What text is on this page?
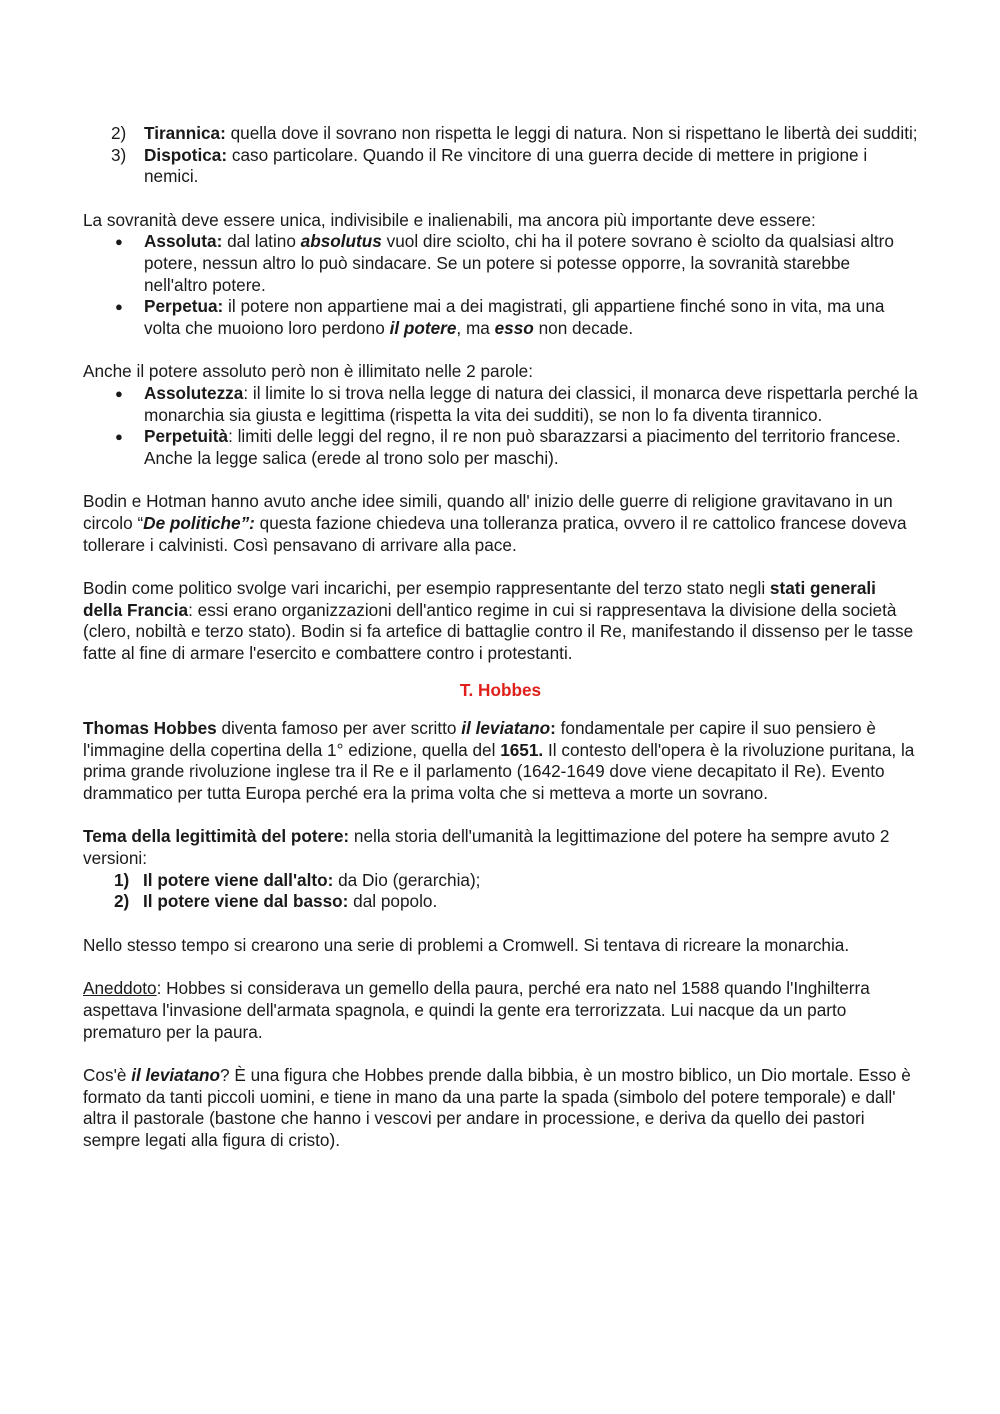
2) Tirannica: quella dove il sovrano non rispetta le leggi di natura. Non si rispettano le libertà dei sudditi;
3) Dispotica: caso particolare. Quando il Re vincitore di una guerra decide di mettere in prigione i nemici.

La sovranità deve essere unica, indivisibile e inalienabili, ma ancora più importante deve essere:

● Assoluta: dal latino absolutus vuol dire sciolto, chi ha il potere sovrano è sciolto da qualsiasi altro potere, nessun altro lo può sindacare. Se un potere si potesse opporre, la sovranità starebbe nell'altro potere.
● Perpetua: il potere non appartiene mai a dei magistrati, gli appartiene finché sono in vita, ma una volta che muoiono loro perdono il potere, ma esso non decade.

Anche il potere assoluto però non è illimitato nelle 2 parole:

● Assolutezza: il limite lo si trova nella legge di natura dei classici, il monarca deve rispettarla perché la monarchia sia giusta e legittima (rispetta la vita dei sudditi), se non lo fa diventa tirannico.
● Perpetuità: limiti delle leggi del regno, il re non può sbarazzarsi a piacimento del territorio francese. Anche la legge salica (erede al trono solo per maschi).

Bodin e Hotman hanno avuto anche idee simili, quando all' inizio delle guerre di religione gravitavano in un circolo “De politiche”: questa fazione chiedeva una tolleranza pratica, ovvero il re cattolico francese doveva tollerare i calvinisti. Così pensavano di arrivare alla pace.

Bodin come politico svolge vari incarichi, per esempio rappresentante del terzo stato negli stati generali della Francia: essi erano organizzazioni dell'antico regime in cui si rappresentava la divisione della società (clero, nobiltà e terzo stato). Bodin si fa artefice di battaglie contro il Re, manifestando il dissenso per le tasse fatte al fine di armare l'esercito e combattere contro i protestanti.

T. Hobbes

Thomas Hobbes diventa famoso per aver scritto il leviatano: fondamentale per capire il suo pensiero è l'immagine della copertina della 1° edizione, quella del 1651. Il contesto dell'opera è la rivoluzione puritana, la prima grande rivoluzione inglese tra il Re e il parlamento (1642-1649 dove viene decapitato il Re). Evento drammatico per tutta Europa perché era la prima volta che si metteva a morte un sovrano.

Tema della legittimità del potere: nella storia dell'umanità la legittimazione del potere ha sempre avuto 2 versioni:

1) Il potere viene dall'alto: da Dio (gerarchia);
2) Il potere viene dal basso: dal popolo.

Nello stesso tempo si crearono una serie di problemi a Cromwell. Si tentava di ricreare la monarchia.

Aneddoto: Hobbes si considerava un gemello della paura, perché era nato nel 1588 quando l'Inghilterra aspettava l'invasione dell'armata spagnola, e quindi la gente era terrorizzata. Lui nacque da un parto prematuro per la paura.

Cos'è il leviatano? È una figura che Hobbes prende dalla bibbia, è un mostro biblico, un Dio mortale. Esso è formato da tanti piccoli uomini, e tiene in mano da una parte la spada (simbolo del potere temporale) e dall' altra il pastorale (bastone che hanno i vescovi per andare in processione, e deriva da quello dei pastori sempre legati alla figura di cristo).
